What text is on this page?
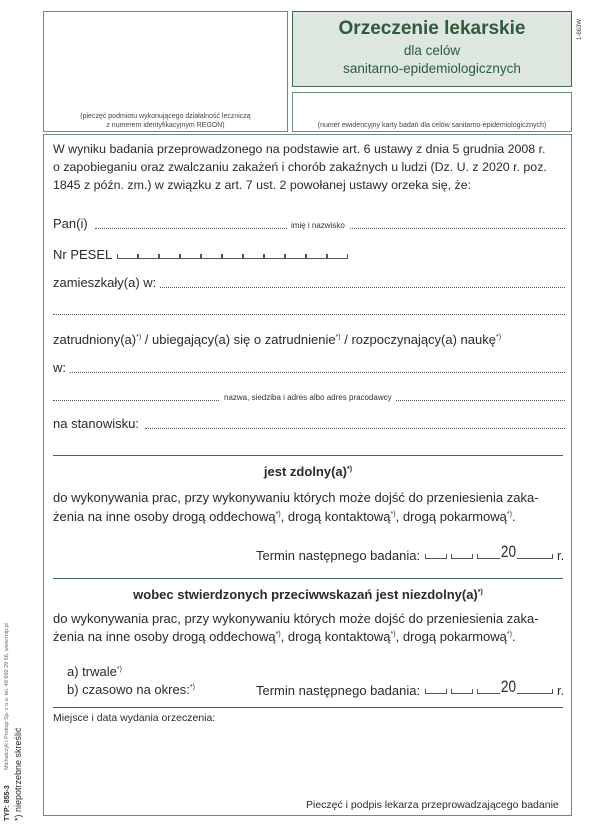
(pieczęć podmiotu wykonującego działalność leczniczą
z numerem identyfikacyjnym REGON)
Orzeczenie lekarskie
dla celów
sanitarno-epidemiologicznych
(numer ewidencyjny karty badań dla celów sanitarno-epidemiologicznych)
1-663W
W wyniku badania przeprowadzonego na podstawie art. 6 ustawy z dnia 5 grudnia 2008 r.
o zapobieganiu oraz zwalczaniu zakażeń i chorób zakaźnych u ludzi (Dz. U. z 2020 r. poz.
1845 z późn. zm.) w związku z art. 7 ust. 2 powołanej ustawy orzeka się, że:
Pan(i)	imię i nazwisko
Nr PESEL
zamieszkały(a) w:
zatrudniony(a)*) / ubiegający(a) się o zatrudnienie*) / rozpoczynający(a) naukę*)
w:
nazwa, siedziba i adres albo adres pracodawcy
na stanowisku:
jest zdolny(a)*)
do wykonywania prac, przy wykonywaniu których może dojść do przeniesienia zaka-
żenia na inne osoby drogą oddechową*), drogą kontaktową*), drogą pokarmową*).
Termin następnego badania:	20	r.
wobec stwierdzonych przeciwwskazań jest niezdolny(a)*)
do wykonywania prac, przy wykonywaniu których może dojść do przeniesienia zaka-
żenia na inne osoby drogą oddechową*), drogą kontaktową*), drogą pokarmową*).
a) trwale*)
b) czasowo na okres:*)	Termin następnego badania:	20	r.
Miejsce i data wydania orzeczenia:
Pieczęć i podpis lekarza przeprowadzającego badanie
TYP: 855-3 *) niepotrzebne skreślić
Michalczyk i Prokop Sp. z o.o. tel. 48 660 29 56, www.mip.pl
